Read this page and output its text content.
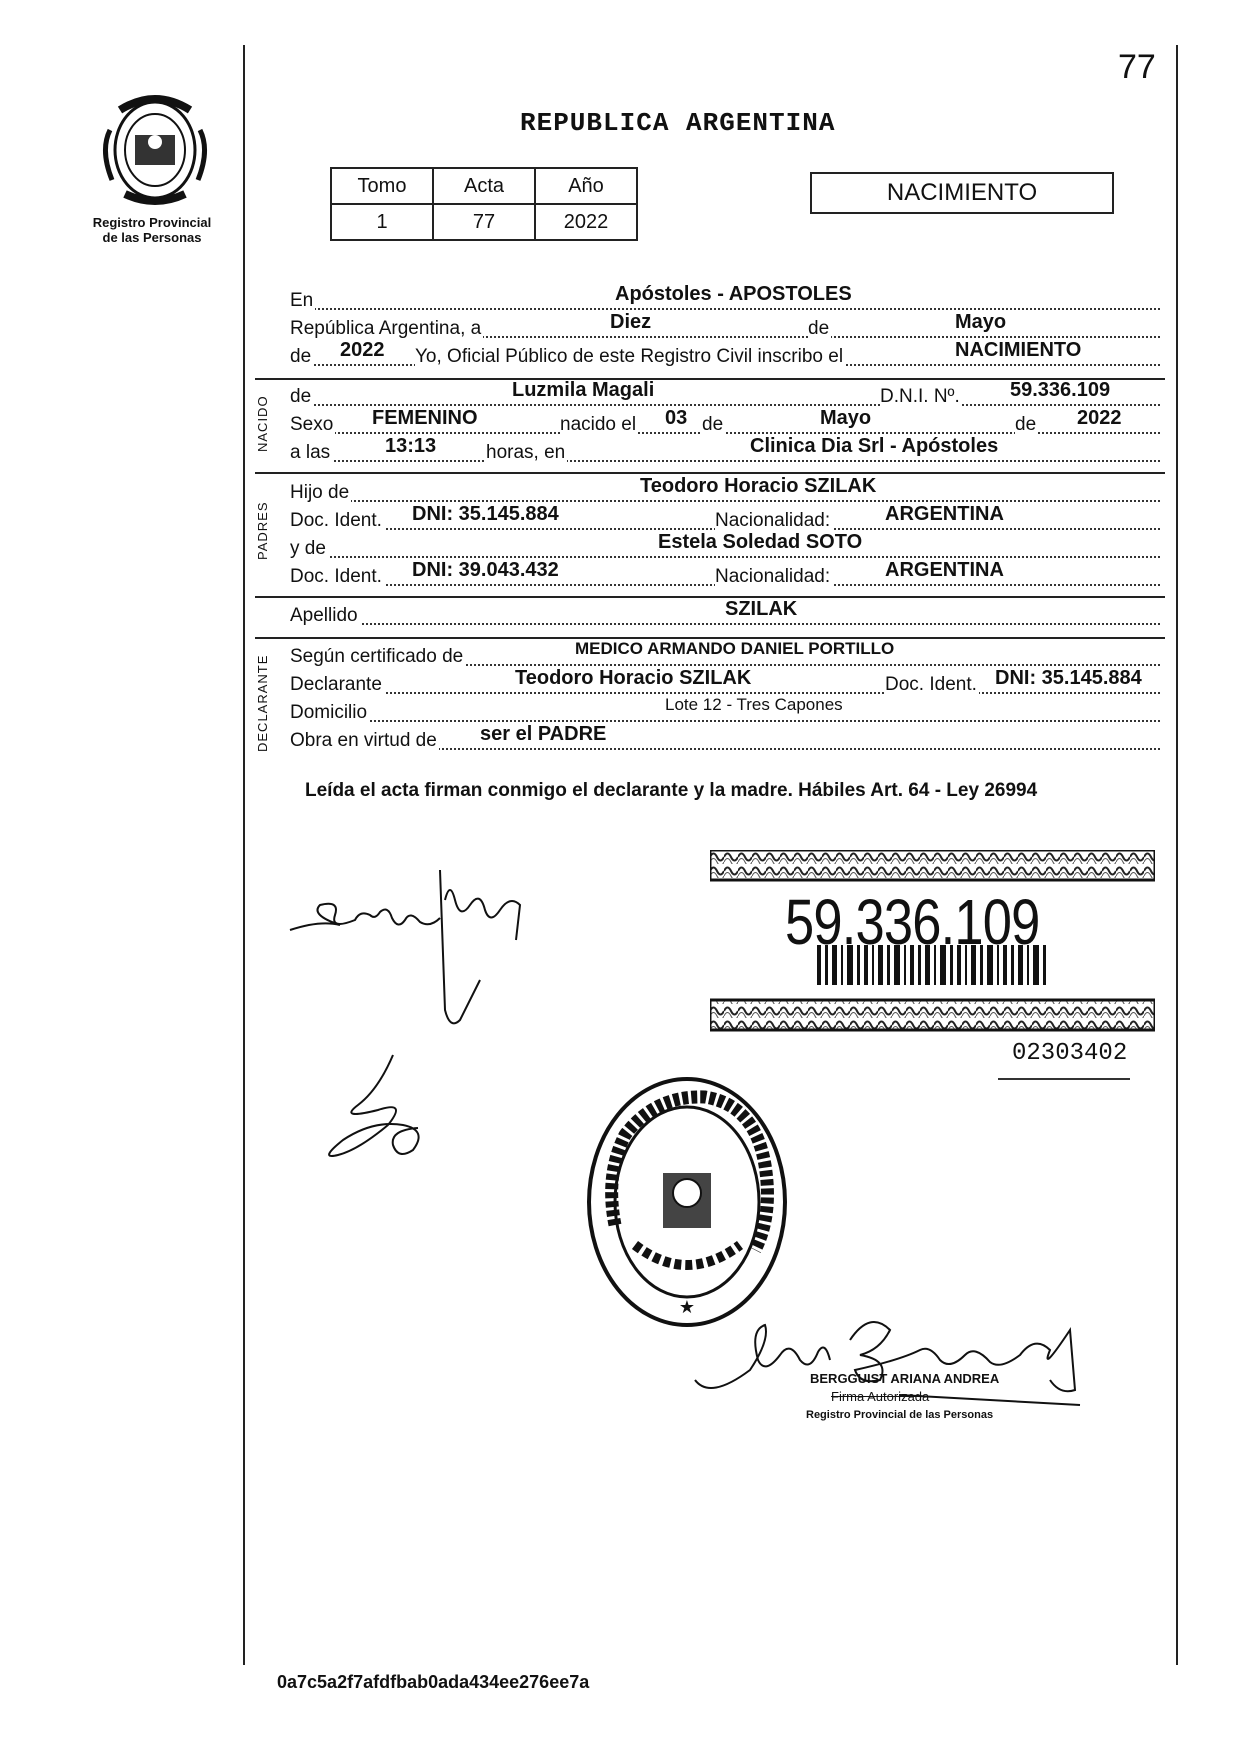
77
Registro Provincial
de las Personas
REPUBLICA ARGENTINA
Tomo	Acta	Año
1	77	2022
NACIMIENTO
En	Apóstoles - APOSTOLES
República Argentina, a	Diez	de	Mayo
de 2022 Yo, Oficial Público de este Registro Civil inscribo el	NACIMIENTO
NACIDO de	Luzmila Magali	D.N.I. Nº.	59.336.109
Sexo FEMENINO	nacido el 03 de	Mayo	de 2022
a las	13:13	horas, en	Clinica Dia Srl - Apóstoles
PADRES
Hijo de	Teodoro Horacio SZILAK
Doc. Ident. DNI: 35.145.884	Nacionalidad:	ARGENTINA
y de	Estela Soledad SOTO
Doc. Ident. DNI: 39.043.432	Nacionalidad:	ARGENTINA
Apellido	SZILAK
DECLARANTE Según certificado de	MEDICO ARMANDO DANIEL PORTILLO
Declarante	Teodoro Horacio SZILAK	Doc. Ident. DNI: 35.145.884
Domicilio	Lote 12 - Tres Capones
Obra en virtud de ser el PADRE
Leída el acta firman conmigo el declarante y la madre. Hábiles Art. 64 - Ley 26994
59.336.109
02303402
★
BERGGUIST ARIANA ANDREA
Firma Autorizada
Registro Provincial de las Personas
0a7c5a2f7afdfbab0ada434ee276ee7a
